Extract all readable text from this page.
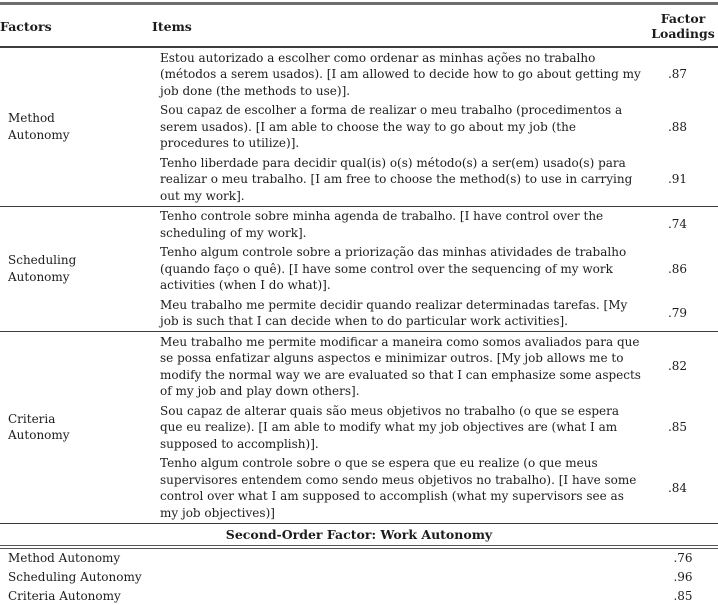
Factors	Items	Factor Loadings

Method Autonomy	Estou autorizado a escolher como ordenar as minhas ações no trabalho (métodos a serem usados). [I am allowed to decide how to go about getting my job done (the methods to use)].	.87
	Sou capaz de escolher a forma de realizar o meu trabalho (procedimentos a serem usados). [I am able to choose the way to go about my job (the procedures to utilize)].	.88
	Tenho liberdade para decidir qual(is) o(s) método(s) a ser(em) usado(s) para realizar o meu trabalho. [I am free to choose the method(s) to use in carrying out my work].	.91

Scheduling Autonomy	Tenho controle sobre minha agenda de trabalho. [I have control over the scheduling of my work].	.74
	Tenho algum controle sobre a priorização das minhas atividades de trabalho (quando faço o quê). [I have some control over the sequencing of my work activities (when I do what)].	.86
	Meu trabalho me permite decidir quando realizar determinadas tarefas. [My job is such that I can decide when to do particular work activities].	.79

Criteria Autonomy	Meu trabalho me permite modificar a maneira como somos avaliados para que se possa enfatizar alguns aspectos e minimizar outros. [My job allows me to modify the normal way we are evaluated so that I can emphasize some aspects of my job and play down others].	.82
	Sou capaz de alterar quais são meus objetivos no trabalho (o que se espera que eu realize). [I am able to modify what my job objectives are (what I am supposed to accomplish)].	.85
	Tenho algum controle sobre o que se espera que eu realize (o que meus supervisores entendem como sendo meus objetivos no trabalho). [I have some control over what I am supposed to accomplish (what my supervisors see as my job objectives)]	.84
Second-Order Factor: Work Autonomy		
Method Autonomy		.76
Scheduling Autonomy		.96
Criteria Autonomy		.85
